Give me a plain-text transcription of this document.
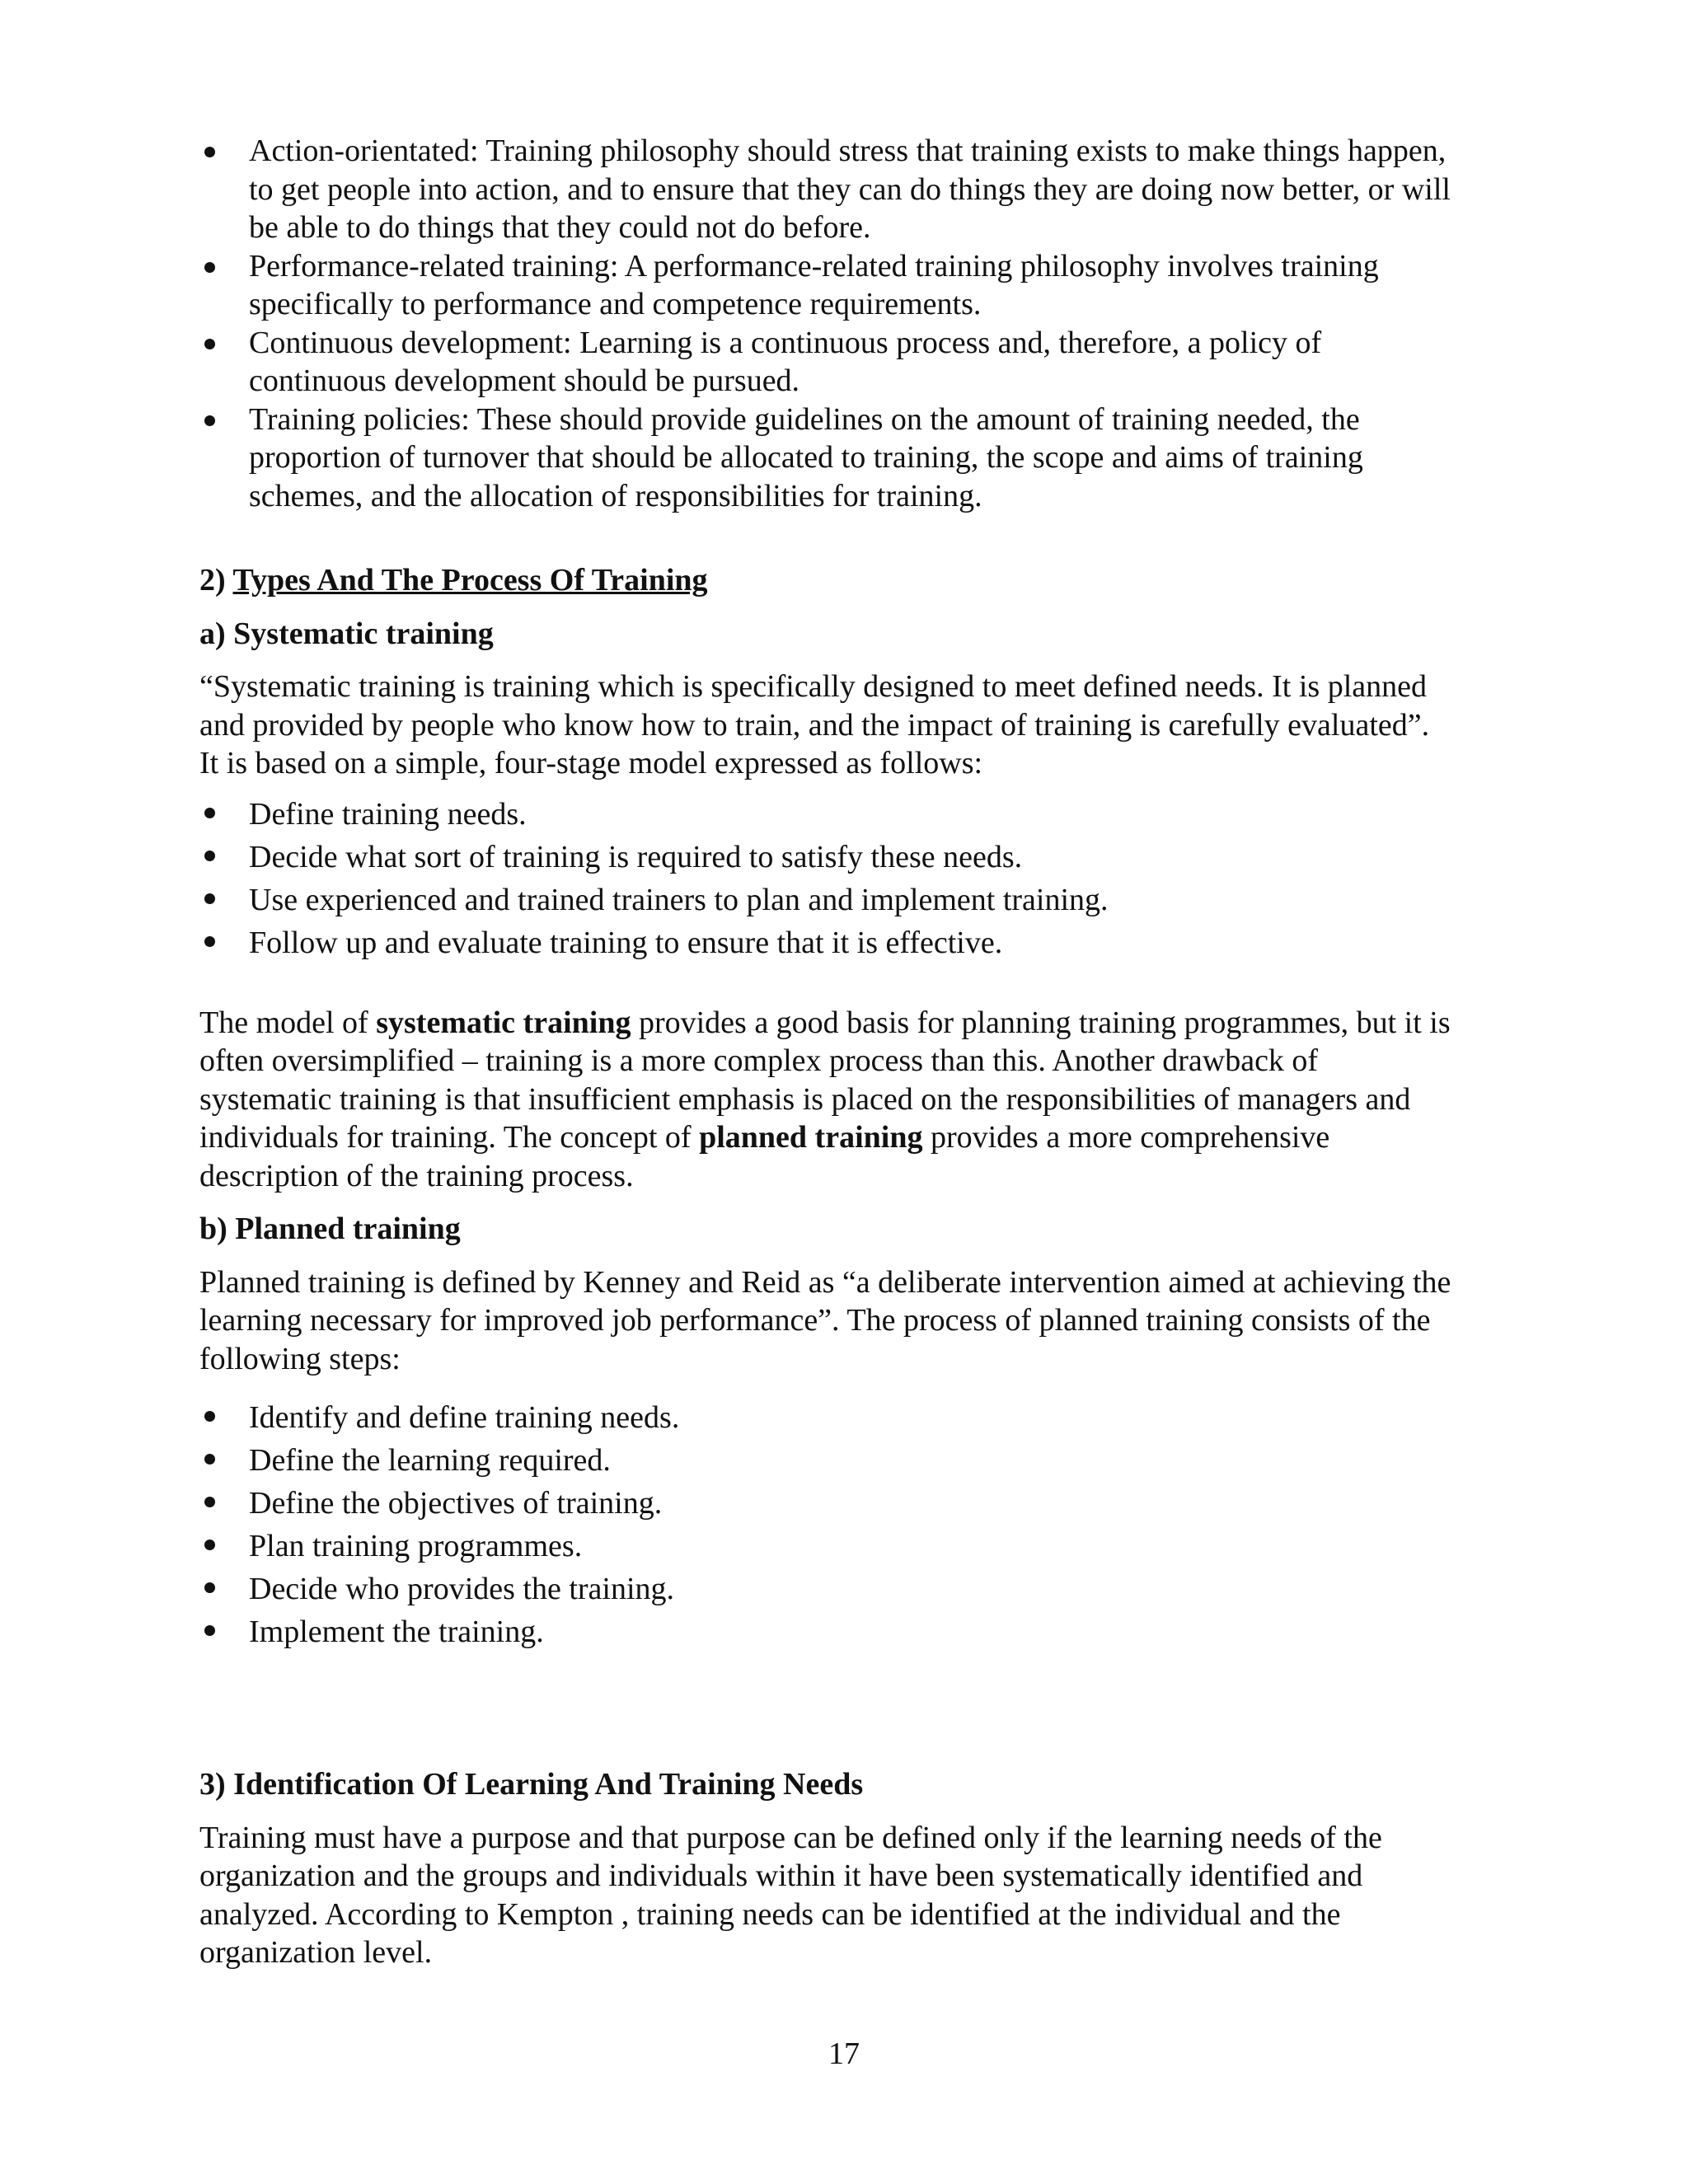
Action-orientated: Training philosophy should stress that training exists to make things happen, to get people into action, and to ensure that they can do things they are doing now better, or will be able to do things that they could not do before.
Performance-related training: A performance-related training philosophy involves training specifically to performance and competence requirements.
Continuous development: Learning is a continuous process and, therefore, a policy of continuous development should be pursued.
Training policies: These should provide guidelines on the amount of training needed, the proportion of turnover that should be allocated to training, the scope and aims of training schemes, and the allocation of responsibilities for training.
2) Types And The Process Of Training
a) Systematic training

“Systematic training is training which is specifically designed to meet defined needs. It is planned and provided by people who know how to train, and the impact of training is carefully evaluated”. It is based on a simple, four-stage model expressed as follows:

Define training needs.
Decide what sort of training is required to satisfy these needs.
Use experienced and trained trainers to plan and implement training.
Follow up and evaluate training to ensure that it is effective.

The model of systematic training provides a good basis for planning training programmes, but it is often oversimplified – training is a more complex process than this. Another drawback of systematic training is that insufficient emphasis is placed on the responsibilities of managers and individuals for training. The concept of planned training provides a more comprehensive description of the training process.

b) Planned training

Planned training is defined by Kenney and Reid as “a deliberate intervention aimed at achieving the learning necessary for improved job performance”. The process of planned training consists of the following steps:

Identify and define training needs.
Define the learning required.
Define the objectives of training.
Plan training programmes.
Decide who provides the training.
Implement the training.
3) Identification Of Learning And Training Needs

Training must have a purpose and that purpose can be defined only if the learning needs of the organization and the groups and individuals within it have been systematically identified and analyzed. According to Kempton , training needs can be identified at the individual and the organization level.

17
